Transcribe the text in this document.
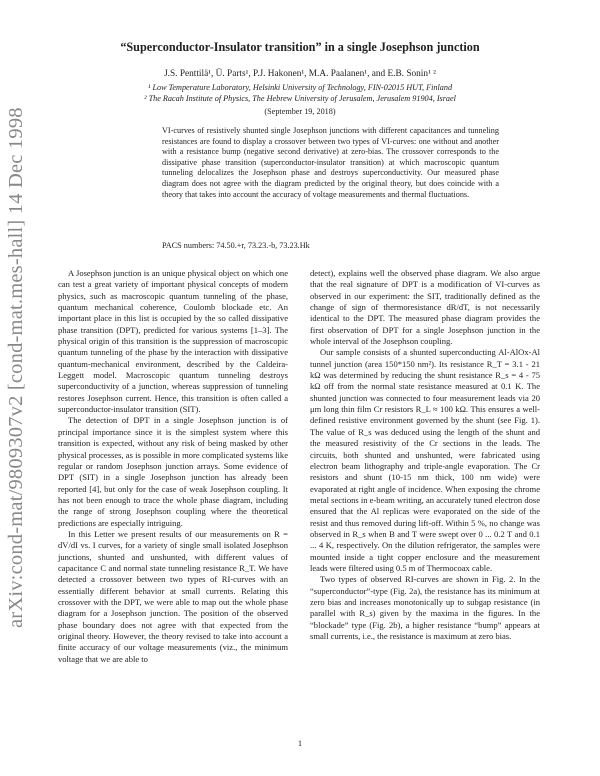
arXiv:cond-mat/9809307v2 [cond-mat.mes-hall] 14 Dec 1998
“Superconductor-Insulator transition” in a single Josephson junction
J.S. Penttilä¹, Ü. Parts¹, P.J. Hakonen¹, M.A. Paalanen¹, and E.B. Sonin¹ ²
¹ Low Temperature Laboratory, Helsinki University of Technology, FIN-02015 HUT, Finland
² The Racah Institute of Physics, The Hebrew University of Jerusalem, Jerusalem 91904, Israel
(September 19, 2018)
VI-curves of resistively shunted single Josephson junctions with different capacitances and tunneling resistances are found to display a crossover between two types of VI-curves: one without and another with a resistance bump (negative second derivative) at zero-bias. The crossover corresponds to the dissipative phase transition (superconductor-insulator transition) at which macroscopic quantum tunneling delocalizes the Josephson phase and destroys superconductivity. Our measured phase diagram does not agree with the diagram predicted by the original theory, but does coincide with a theory that takes into account the accuracy of voltage measurements and thermal fluctuations.
PACS numbers: 74.50.+r, 73.23.-b, 73.23.Hk

A Josephson junction is an unique physical object on which one can test a great variety of important physical concepts of modern physics, such as macroscopic quantum tunneling of the phase, quantum mechanical coherence, Coulomb blockade etc. An important place in this list is occupied by the so called dissipative phase transition (DPT), predicted for various systems [1–3]. The physical origin of this transition is the suppression of macroscopic quantum tunneling of the phase by the interaction with dissipative quantum-mechanical environment, described by the Caldeira-Leggett model. Macroscopic quantum tunneling destroys superconductivity of a junction, whereas suppression of tunneling restores Josephson current. Hence, this transition is often called a superconductor-insulator transition (SIT).

The detection of DPT in a single Josephson junction is of principal importance since it is the simplest system where this transition is expected, without any risk of being masked by other physical processes, as is possible in more complicated systems like regular or random Josephson junction arrays. Some evidence of DPT (SIT) in a single Josephson junction has already been reported [4], but only for the case of weak Josephson coupling. It has not been enough to trace the whole phase diagram, including the range of strong Josephson coupling where the theoretical predictions are especially intriguing.

In this Letter we present results of our measurements on R = dV/dI vs. I curves, for a variety of single small isolated Josephson junctions, shunted and unshunted, with different values of capacitance C and normal state tunneling resistance R_T. We have detected a crossover between two types of RI-curves with an essentially different behavior at small currents. Relating this crossover with the DPT, we were able to map out the whole phase diagram for a Josephson junction. The position of the observed phase boundary does not agree with that expected from the original theory. However, the theory revised to take into account a finite accuracy of our voltage measurements (viz., the minimum voltage that we are able to

detect), explains well the observed phase diagram. We also argue that the real signature of DPT is a modification of VI-curves as observed in our experiment: the SIT, traditionally defined as the change of sign of thermoresistance dR/dT, is not necessarily identical to the DPT. The measured phase diagram provides the first observation of DPT for a single Josephson junction in the whole interval of the Josephson coupling.

Our sample consists of a shunted superconducting Al-AlOx-Al tunnel junction (area 150*150 nm²). Its resistance R_T = 3.1 - 21 kΩ was determined by reducing the shunt resistance R_s = 4 - 75 kΩ off from the normal state resistance measured at 0.1 K. The shunted junction was connected to four measurement leads via 20 μm long thin film Cr resistors R_L ≈ 100 kΩ. This ensures a well-defined resistive environment governed by the shunt (see Fig. 1). The value of R_s was deduced using the length of the shunt and the measured resistivity of the Cr sections in the leads. The circuits, both shunted and unshunted, were fabricated using electron beam lithography and triple-angle evaporation. The Cr resistors and shunt (10-15 nm thick, 100 nm wide) were evaporated at right angle of incidence. When exposing the chrome metal sections in e-beam writing, an accurately tuned electron dose ensured that the Al replicas were evaporated on the side of the resist and thus removed during lift-off. Within 5 %, no change was observed in R_s when B and T were swept over 0 ... 0.2 T and 0.1 ... 4 K, respectively. On the dilution refrigerator, the samples were mounted inside a tight copper enclosure and the measurement leads were filtered using 0.5 m of Thermocoax cable.

Two types of observed RI-curves are shown in Fig. 2. In the “superconductor”-type (Fig. 2a), the resistance has its minimum at zero bias and increases monotonically up to subgap resistance (in parallel with R_s) given by the maxima in the figures. In the “blockade” type (Fig. 2b), a higher resistance “bump” appears at small currents, i.e., the resistance is maximum at zero bias.

1
